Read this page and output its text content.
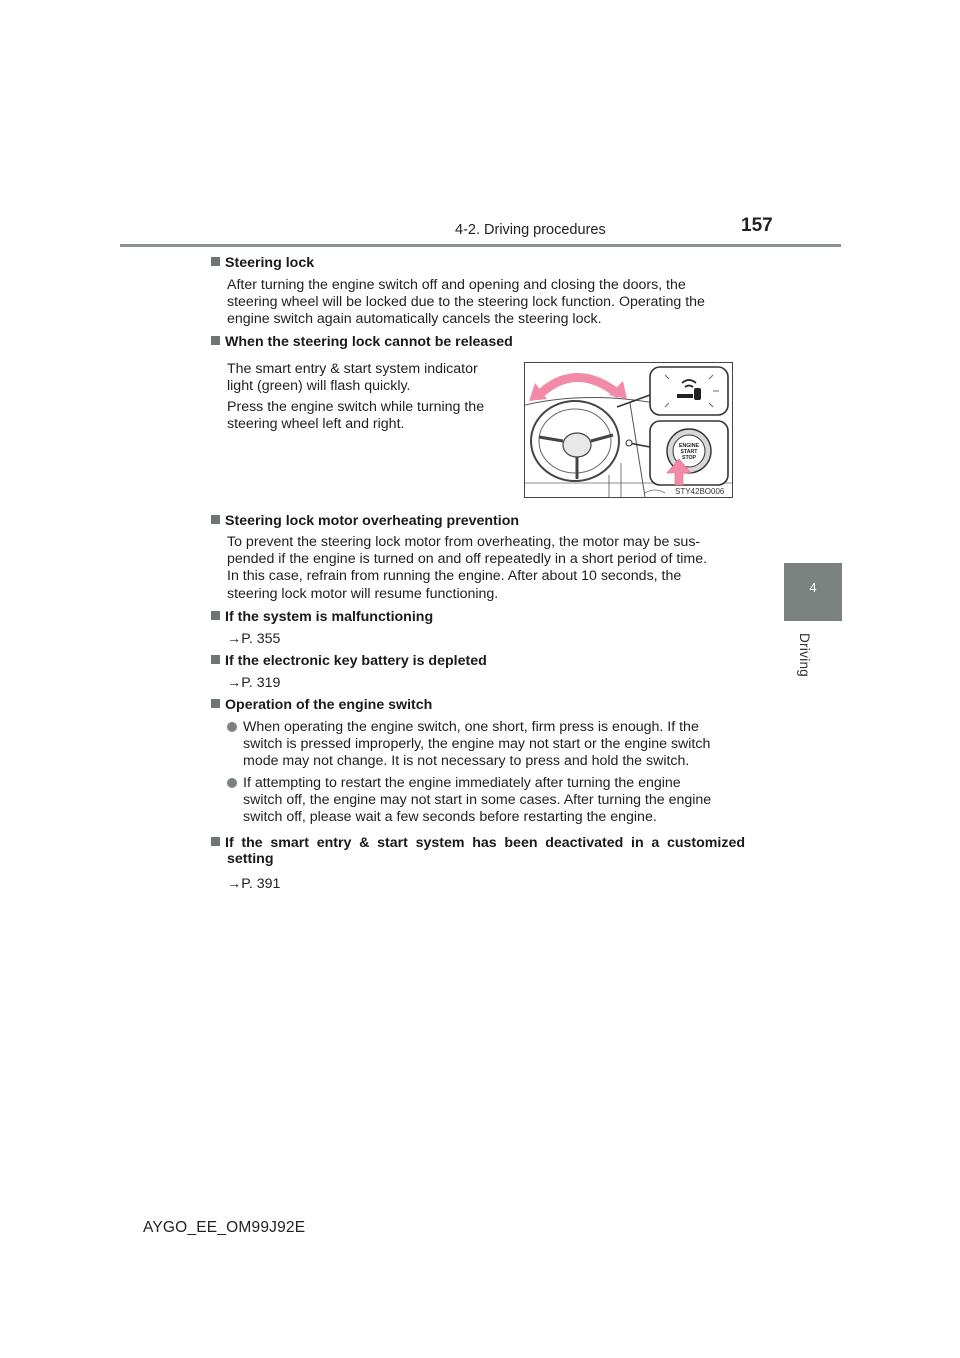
4-2. Driving procedures	157
4
Driving
Steering lock
After turning the engine switch off and opening and closing the doors, the
steering wheel will be locked due to the steering lock function. Operating the
engine switch again automatically cancels the steering lock.
When the steering lock cannot be released
The smart entry & start system indicator
light (green) will flash quickly.
Press the engine switch while turning the
steering wheel left and right.
ENGINE
START
STOP
STY42BO006
Steering lock motor overheating prevention
To prevent the steering lock motor from overheating, the motor may be sus-
pended if the engine is turned on and off repeatedly in a short period of time.
In this case, refrain from running the engine. After about 10 seconds, the
steering lock motor will resume functioning.
If the system is malfunctioning
→P. 355
If the electronic key battery is depleted
→P. 319
Operation of the engine switch
When operating the engine switch, one short, firm press is enough. If the
switch is pressed improperly, the engine may not start or the engine switch
mode may not change. It is not necessary to press and hold the switch.
If attempting to restart the engine immediately after turning the engine
switch off, the engine may not start in some cases. After turning the engine
switch off, please wait a few seconds before restarting the engine.
If the smart entry & start system has been deactivated in a customized
setting
→P. 391
AYGO_EE_OM99J92E
